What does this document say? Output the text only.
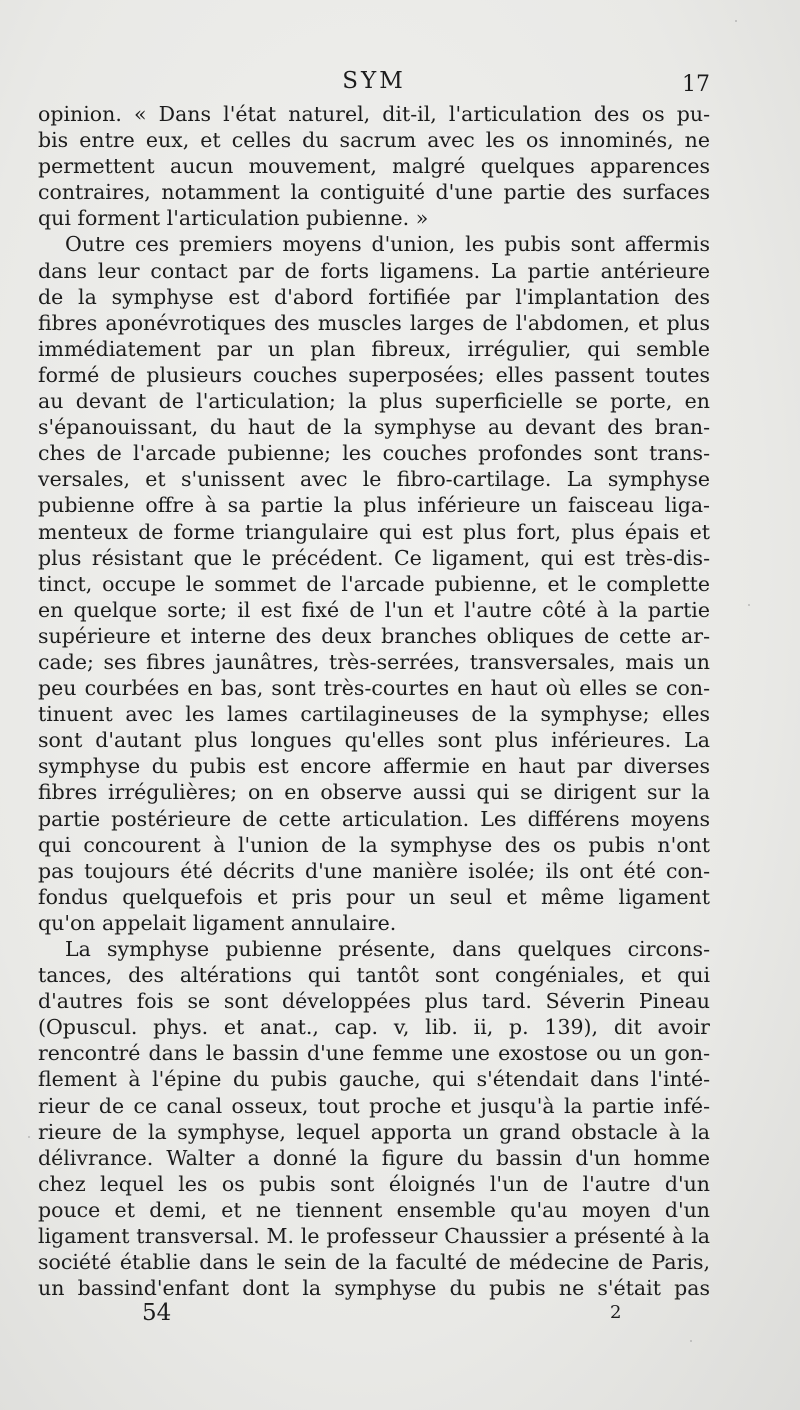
SYM	17
opinion. « Dans l'état naturel, dit-il, l'articulation des os pu-
bis entre eux, et celles du sacrum avec les os innominés, ne
permettent aucun mouvement, malgré quelques apparences
contraires, notamment la contiguité d'une partie des surfaces
qui forment l'articulation pubienne. »
Outre ces premiers moyens d'union, les pubis sont affermis
dans leur contact par de forts ligamens. La partie antérieure
de la symphyse est d'abord fortifiée par l'implantation des
fibres aponévrotiques des muscles larges de l'abdomen, et plus
immédiatement par un plan fibreux, irrégulier, qui semble
formé de plusieurs couches superposées; elles passent toutes
au devant de l'articulation; la plus superficielle se porte, en
s'épanouissant, du haut de la symphyse au devant des bran-
ches de l'arcade pubienne; les couches profondes sont trans-
versales, et s'unissent avec le fibro-cartilage. La symphyse
pubienne offre à sa partie la plus inférieure un faisceau liga-
menteux de forme triangulaire qui est plus fort, plus épais et
plus résistant que le précédent. Ce ligament, qui est très-dis-
tinct, occupe le sommet de l'arcade pubienne, et le complette
en quelque sorte; il est fixé de l'un et l'autre côté à la partie
supérieure et interne des deux branches obliques de cette ar-
cade; ses fibres jaunâtres, très-serrées, transversales, mais un
peu courbées en bas, sont très-courtes en haut où elles se con-
tinuent avec les lames cartilagineuses de la symphyse; elles
sont d'autant plus longues qu'elles sont plus inférieures. La
symphyse du pubis est encore affermie en haut par diverses
fibres irrégulières; on en observe aussi qui se dirigent sur la
partie postérieure de cette articulation. Les différens moyens
qui concourent à l'union de la symphyse des os pubis n'ont
pas toujours été décrits d'une manière isolée; ils ont été con-
fondus quelquefois et pris pour un seul et même ligament
qu'on appelait ligament annulaire.
La symphyse pubienne présente, dans quelques circons-
tances, des altérations qui tantôt sont congéniales, et qui
d'autres fois se sont développées plus tard. Séverin Pineau
(Opuscul. phys. et anat., cap. v, lib. ii, p. 139), dit avoir
rencontré dans le bassin d'une femme une exostose ou un gon-
flement à l'épine du pubis gauche, qui s'étendait dans l'inté-
rieur de ce canal osseux, tout proche et jusqu'à la partie infé-
rieure de la symphyse, lequel apporta un grand obstacle à la
délivrance. Walter a donné la figure du bassin d'un homme
chez lequel les os pubis sont éloignés l'un de l'autre d'un
pouce et demi, et ne tiennent ensemble qu'au moyen d'un
ligament transversal. M. le professeur Chaussier a présenté à la
société établie dans le sein de la faculté de médecine de Paris,
un bassind'enfant dont la symphyse du pubis ne s'était pas
54	2
